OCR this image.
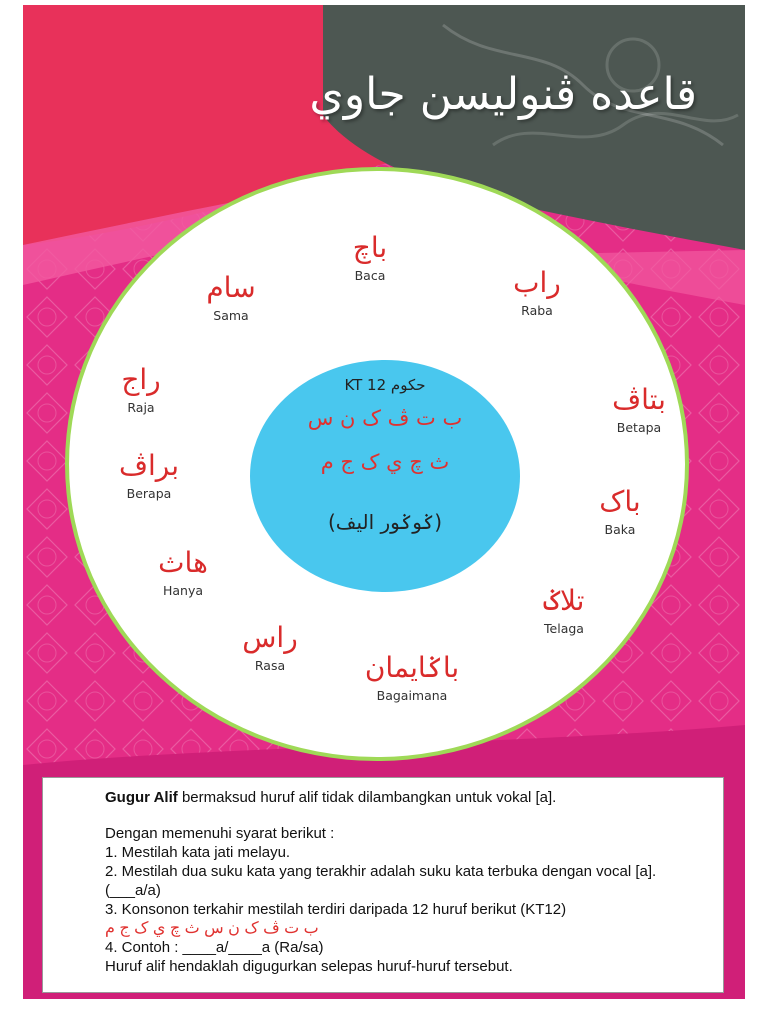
قاعده ڤنوليسن جاوي
حکوم KT 12
ب ت ڤ ک ن س
ث چ ي ک ج م
(ݢوݢور اليف)
باچ
Baca	راب
Raba
بتاڤ
Betapa
باک
Baka
تلاݢ
Telaga
باݢايمان
Bagaimana
راس
Rasa
هاث
Hanya
براڤ
Berapa
راج
Raja
سام
Sama

Gugur Alif bermaksud huruf alif tidak dilambangkan untuk vokal [a].

Dengan memenuhi syarat berikut :

1. Mestilah kata jati melayu.

2. Mestilah dua suku kata yang terakhir adalah suku kata terbuka dengan vocal [a]. (___a/a)

3. Konsonon terkahir mestilah terdiri daripada 12 huruf berikut (KT12)

ب ت ڤ ک ن س ث چ ي ک ج م

4. Contoh : ____a/____a (Ra/sa)

Huruf alif hendaklah digugurkan selepas huruf-huruf tersebut.
